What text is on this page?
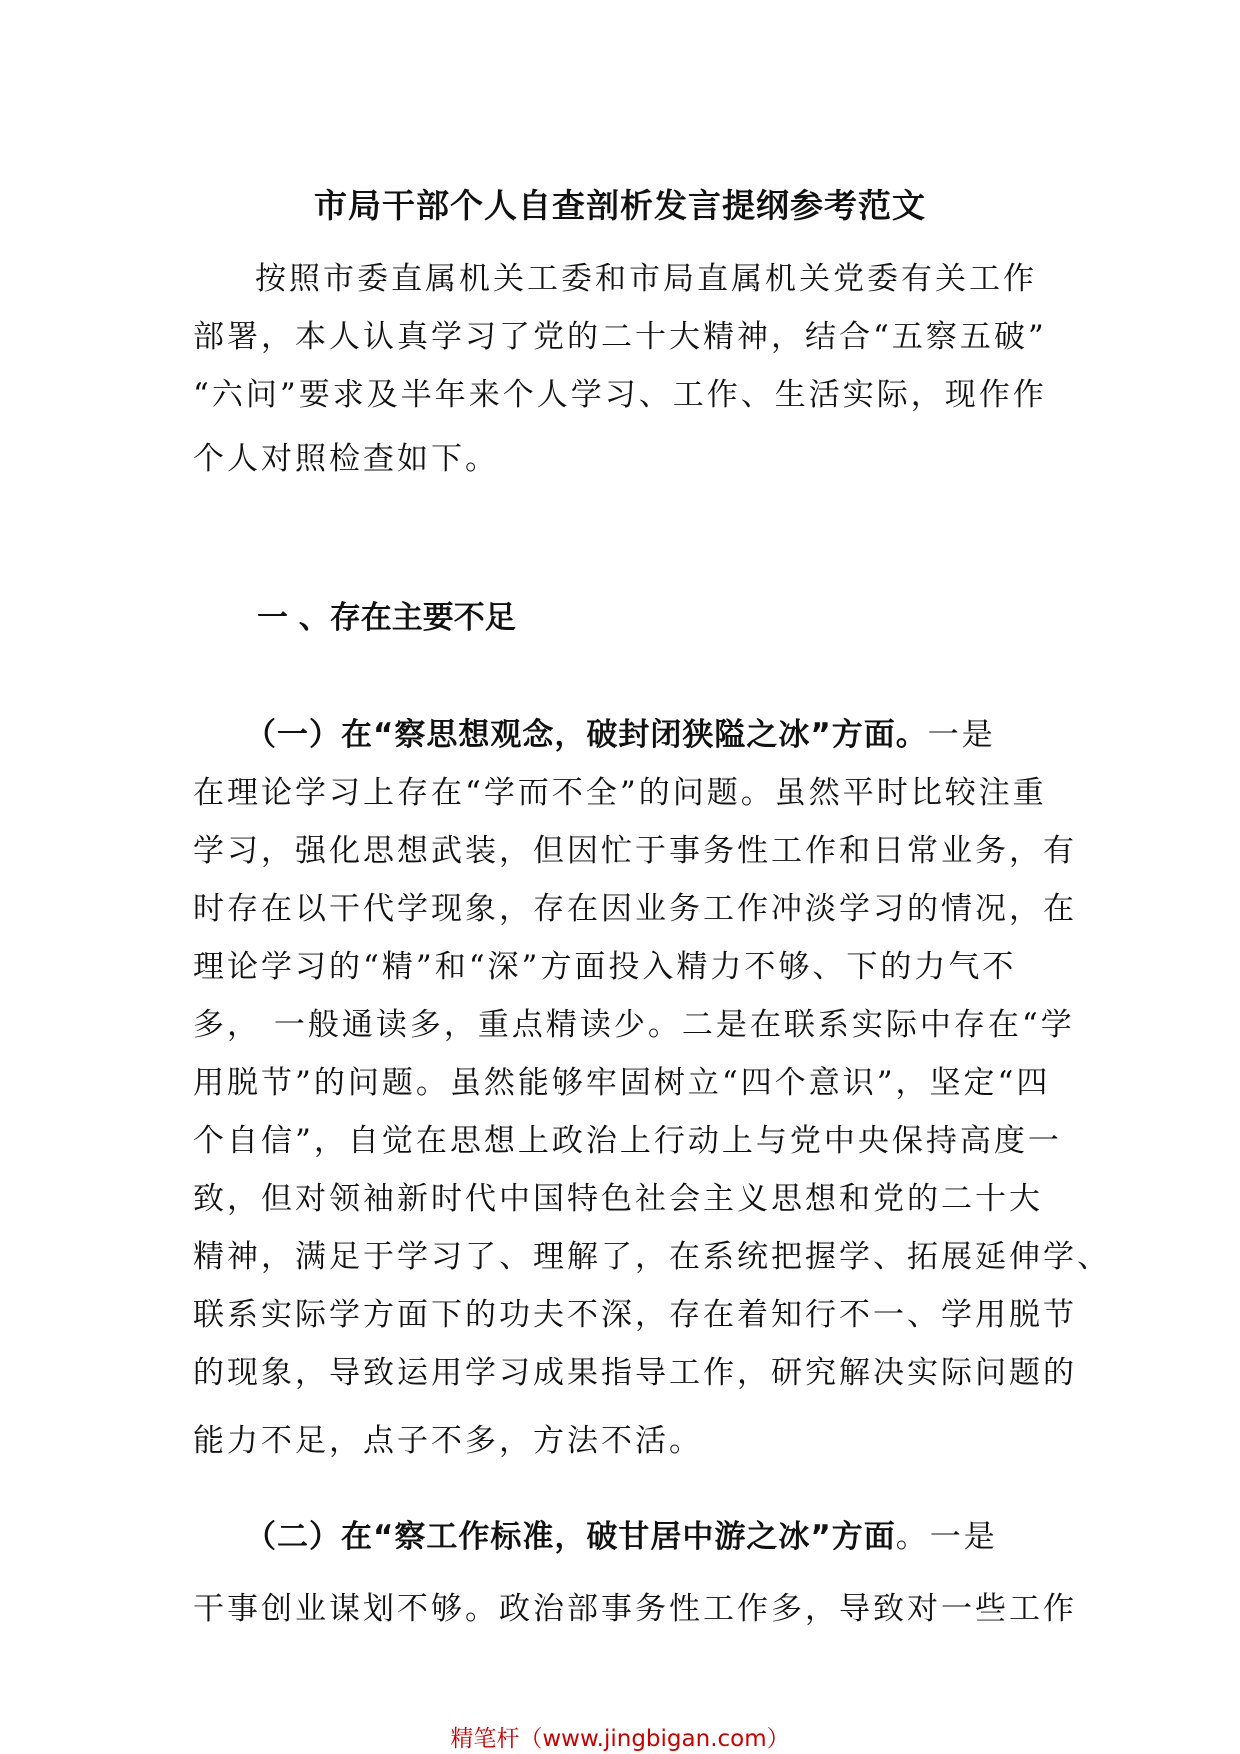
市局干部个人自查剖析发言提纲参考范文
按照市委直属机关工委和市局直属机关党委有关工作
部署，本人认真学习了党的二十大精神，结合“五察五破”
“六问”要求及半年来个人学习、工作、生活实际，现作作
个人对照检查如下。
一 、存在主要不足
（一）在“察思想观念，破封闭狭隘之冰”方面。一是
在理论学习上存在“学而不全”的问题。虽然平时比较注重
学习，强化思想武装，但因忙于事务性工作和日常业务，有
时存在以干代学现象，存在因业务工作冲淡学习的情况，在
理论学习的“精”和“深”方面投入精力不够、下的力气不
多， 一般通读多，重点精读少。二是在联系实际中存在“学
用脱节”的问题。虽然能够牢固树立“四个意识”，坚定“四
个自信”，自觉在思想上政治上行动上与党中央保持高度一
致，但对领袖新时代中国特色社会主义思想和党的二十大
精神，满足于学习了、理解了，在系统把握学、拓展延伸学、
联系实际学方面下的功夫不深，存在着知行不一、学用脱节
的现象，导致运用学习成果指导工作，研究解决实际问题的
能力不足，点子不多，方法不活。
（二）在“察工作标准，破甘居中游之冰”方面。一是
干事创业谋划不够。政治部事务性工作多，导致对一些工作
精笔杆（www.jingbigan.com）
